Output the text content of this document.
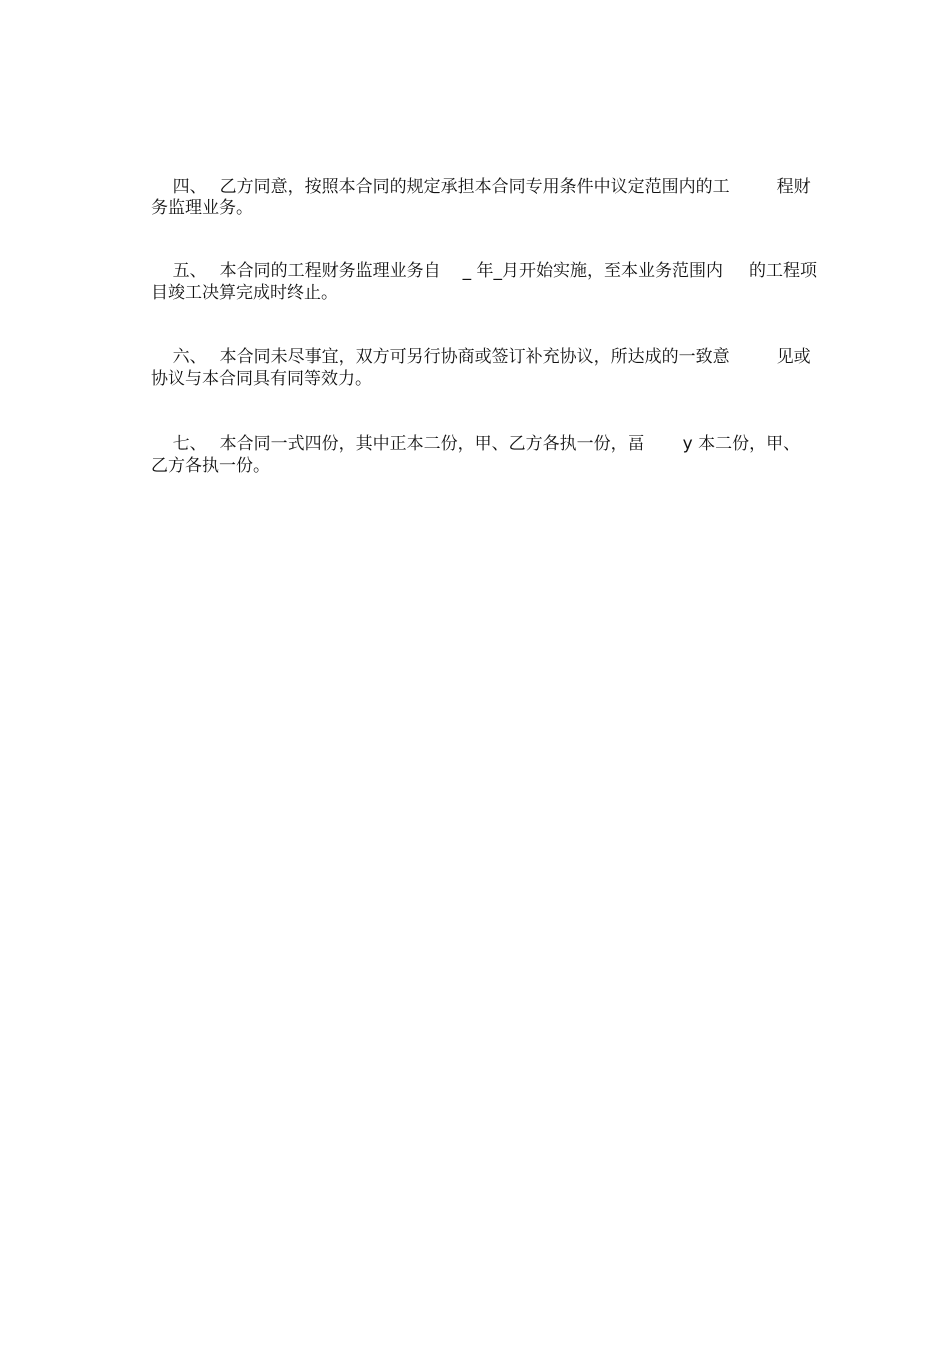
四、 乙方同意，按照本合同的规定承担本合同专用条件中议定范围内的工	程财

务监理业务。

五、 本合同的工程财务监理业务自 _ 年_月开始实施，至本业务范围内 的工程项

目竣工决算完成时终止。

六、 本合同未尽事宜，双方可另行协商或签订补充协议，所达成的一致意	见或

协议与本合同具有同等效力。

七、 本合同一式四份，其中正本二份，甲、乙方各执一份，畐 y 本二份，甲、

乙方各执一份。
